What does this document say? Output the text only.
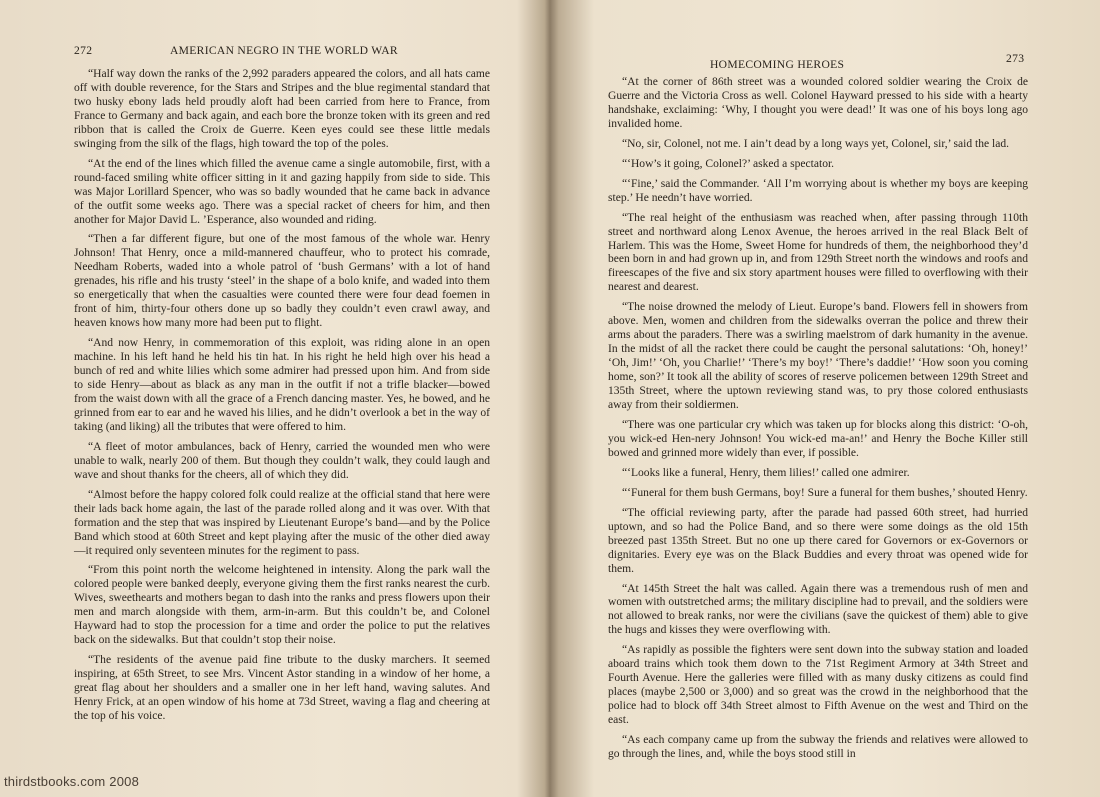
272	AMERICAN NEGRO IN THE WORLD WAR

“Half way down the ranks of the 2,992 paraders appeared the colors, and all hats came off with double reverence, for the Stars and Stripes and the blue regimental standard that two husky ebony lads held proudly aloft had been carried from here to France, from France to Germany and back again, and each bore the bronze token with its green and red ribbon that is called the Croix de Guerre. Keen eyes could see these little medals swinging from the silk of the flags, high toward the top of the poles.

“At the end of the lines which filled the avenue came a single automobile, first, with a round-faced smiling white officer sitting in it and gazing happily from side to side. This was Major Lorillard Spencer, who was so badly wounded that he came back in advance of the outfit some weeks ago. There was a special racket of cheers for him, and then another for Major David L. ’Esperance, also wounded and riding.

“Then a far different figure, but one of the most famous of the whole war. Henry Johnson! That Henry, once a mild-mannered chauffeur, who to protect his comrade, Needham Roberts, waded into a whole patrol of ‘bush Germans’ with a lot of hand grenades, his rifle and his trusty ‘steel’ in the shape of a bolo knife, and waded into them so energetically that when the casualties were counted there were four dead foemen in front of him, thirty-four others done up so badly they couldn’t even crawl away, and heaven knows how many more had been put to flight.

“And now Henry, in commemoration of this exploit, was riding alone in an open machine. In his left hand he held his tin hat. In his right he held high over his head a bunch of red and white lilies which some admirer had pressed upon him. And from side to side Henry—about as black as any man in the outfit if not a trifle blacker—bowed from the waist down with all the grace of a French dancing master. Yes, he bowed, and he grinned from ear to ear and he waved his lilies, and he didn’t overlook a bet in the way of taking (and liking) all the tributes that were offered to him.

“A fleet of motor ambulances, back of Henry, carried the wounded men who were unable to walk, nearly 200 of them. But though they couldn’t walk, they could laugh and wave and shout thanks for the cheers, all of which they did.

“Almost before the happy colored folk could realize at the official stand that here were their lads back home again, the last of the parade rolled along and it was over. With that formation and the step that was inspired by Lieutenant Europe’s band—and by the Police Band which stood at 60th Street and kept playing after the music of the other died away—it required only seventeen minutes for the regiment to pass.

“From this point north the welcome heightened in intensity. Along the park wall the colored people were banked deeply, everyone giving them the first ranks nearest the curb. Wives, sweethearts and mothers began to dash into the ranks and press flowers upon their men and march alongside with them, arm-in-arm. But this couldn’t be, and Colonel Hayward had to stop the procession for a time and order the police to put the relatives back on the sidewalks. But that couldn’t stop their noise.

“The residents of the avenue paid fine tribute to the dusky marchers. It seemed inspiring, at 65th Street, to see Mrs. Vincent Astor standing in a window of her home, a great flag about her shoulders and a smaller one in her left hand, waving salutes. And Henry Frick, at an open window of his home at 73d Street, waving a flag and cheering at the top of his voice.

HOMECOMING HEROES	273

“At the corner of 86th street was a wounded colored soldier wearing the Croix de Guerre and the Victoria Cross as well. Colonel Hayward pressed to his side with a hearty handshake, exclaiming: ‘Why, I thought you were dead!’ It was one of his boys long ago invalided home.

“No, sir, Colonel, not me. I ain’t dead by a long ways yet, Colonel, sir,’ said the lad.

“‘How’s it going, Colonel?’ asked a spectator.

“‘Fine,’ said the Commander. ‘All I’m worrying about is whether my boys are keeping step.’ He needn’t have worried.

“The real height of the enthusiasm was reached when, after passing through 110th street and northward along Lenox Avenue, the heroes arrived in the real Black Belt of Harlem. This was the Home, Sweet Home for hundreds of them, the neighborhood they’d been born in and had grown up in, and from 129th Street north the windows and roofs and fireescapes of the five and six story apartment houses were filled to overflowing with their nearest and dearest.

“The noise drowned the melody of Lieut. Europe’s band. Flowers fell in showers from above. Men, women and children from the sidewalks overran the police and threw their arms about the paraders. There was a swirling maelstrom of dark humanity in the avenue. In the midst of all the racket there could be caught the personal salutations: ‘Oh, honey!’ ‘Oh, Jim!’ ‘Oh, you Charlie!’ ‘There’s my boy!’ ‘There’s daddie!’ ‘How soon you coming home, son?’ It took all the ability of scores of reserve policemen between 129th Street and 135th Street, where the uptown reviewing stand was, to pry those colored enthusiasts away from their soldiermen.

“There was one particular cry which was taken up for blocks along this district: ‘O-oh, you wick-ed Hen-nery Johnson! You wick-ed ma-an!’ and Henry the Boche Killer still bowed and grinned more widely than ever, if possible.

“‘Looks like a funeral, Henry, them lilies!’ called one admirer.

“‘Funeral for them bush Germans, boy! Sure a funeral for them bushes,’ shouted Henry.

“The official reviewing party, after the parade had passed 60th street, had hurried uptown, and so had the Police Band, and so there were some doings as the old 15th breezed past 135th Street. But no one up there cared for Governors or ex-Governors or dignitaries. Every eye was on the Black Buddies and every throat was opened wide for them.

“At 145th Street the halt was called. Again there was a tremendous rush of men and women with outstretched arms; the military discipline had to prevail, and the soldiers were not allowed to break ranks, nor were the civilians (save the quickest of them) able to give the hugs and kisses they were overflowing with.

“As rapidly as possible the fighters were sent down into the subway station and loaded aboard trains which took them down to the 71st Regiment Armory at 34th Street and Fourth Avenue. Here the galleries were filled with as many dusky citizens as could find places (maybe 2,500 or 3,000) and so great was the crowd in the neighborhood that the police had to block off 34th Street almost to Fifth Avenue on the west and Third on the east.

“As each company came up from the subway the friends and relatives were allowed to go through the lines, and, while the boys stood still in

thirdstbooks.com 2008
